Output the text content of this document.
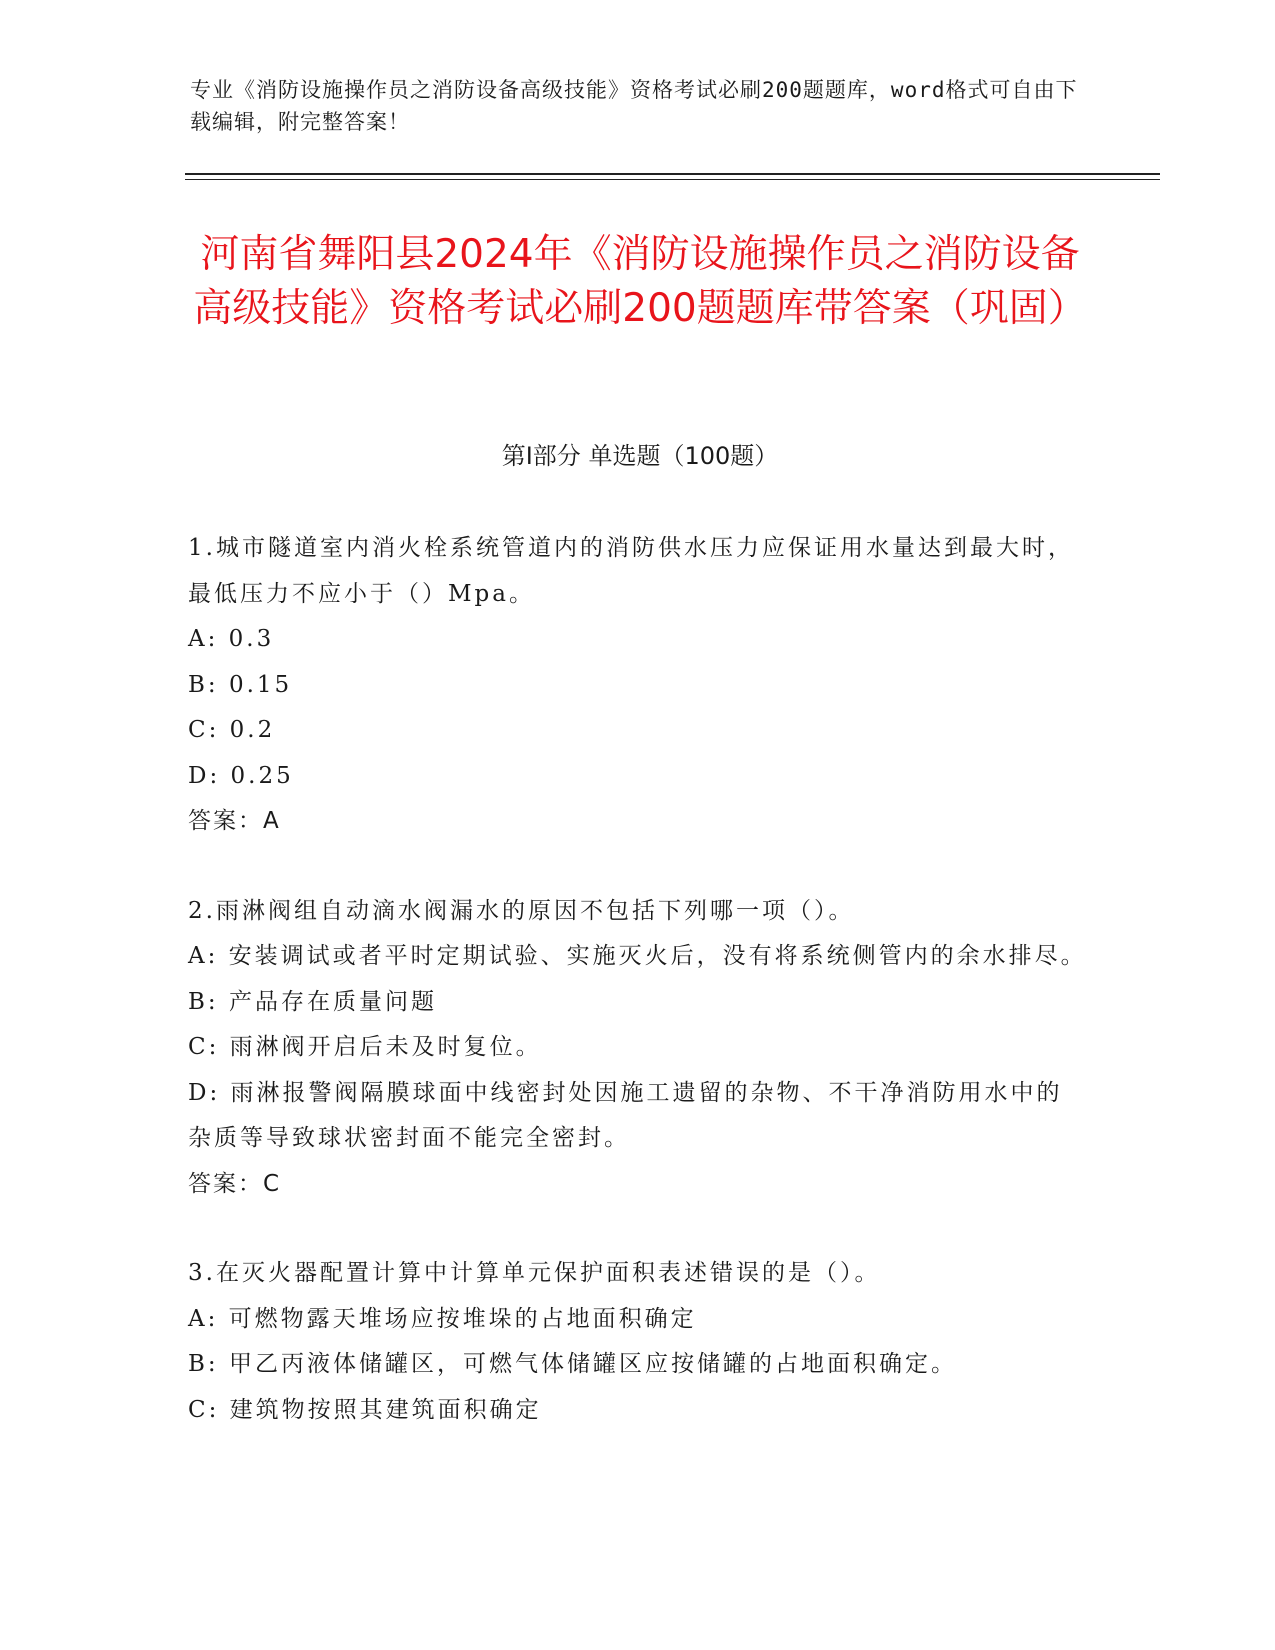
专业《消防设施操作员之消防设备高级技能》资格考试必刷200题题库，word格式可自由下载编辑，附完整答案！
河南省舞阳县2024年《消防设施操作员之消防设备高级技能》资格考试必刷200题题库带答案（巩固）
第Ⅰ部分 单选题（100题）

1.城市隧道室内消火栓系统管道内的消防供水压力应保证用水量达到最大时，最低压力不应小于（）Mpa。

A: 0.3

B: 0.15

C: 0.2

D: 0.25

答案：A

2.雨淋阀组自动滴水阀漏水的原因不包括下列哪一项（）。

A: 安装调试或者平时定期试验、实施灭火后，没有将系统侧管内的余水排尽。

B: 产品存在质量问题

C: 雨淋阀开启后未及时复位。

D: 雨淋报警阀隔膜球面中线密封处因施工遗留的杂物、不干净消防用水中的杂质等导致球状密封面不能完全密封。

答案：C

3.在灭火器配置计算中计算单元保护面积表述错误的是（）。

A: 可燃物露天堆场应按堆垛的占地面积确定

B: 甲乙丙液体储罐区，可燃气体储罐区应按储罐的占地面积确定。

C: 建筑物按照其建筑面积确定
